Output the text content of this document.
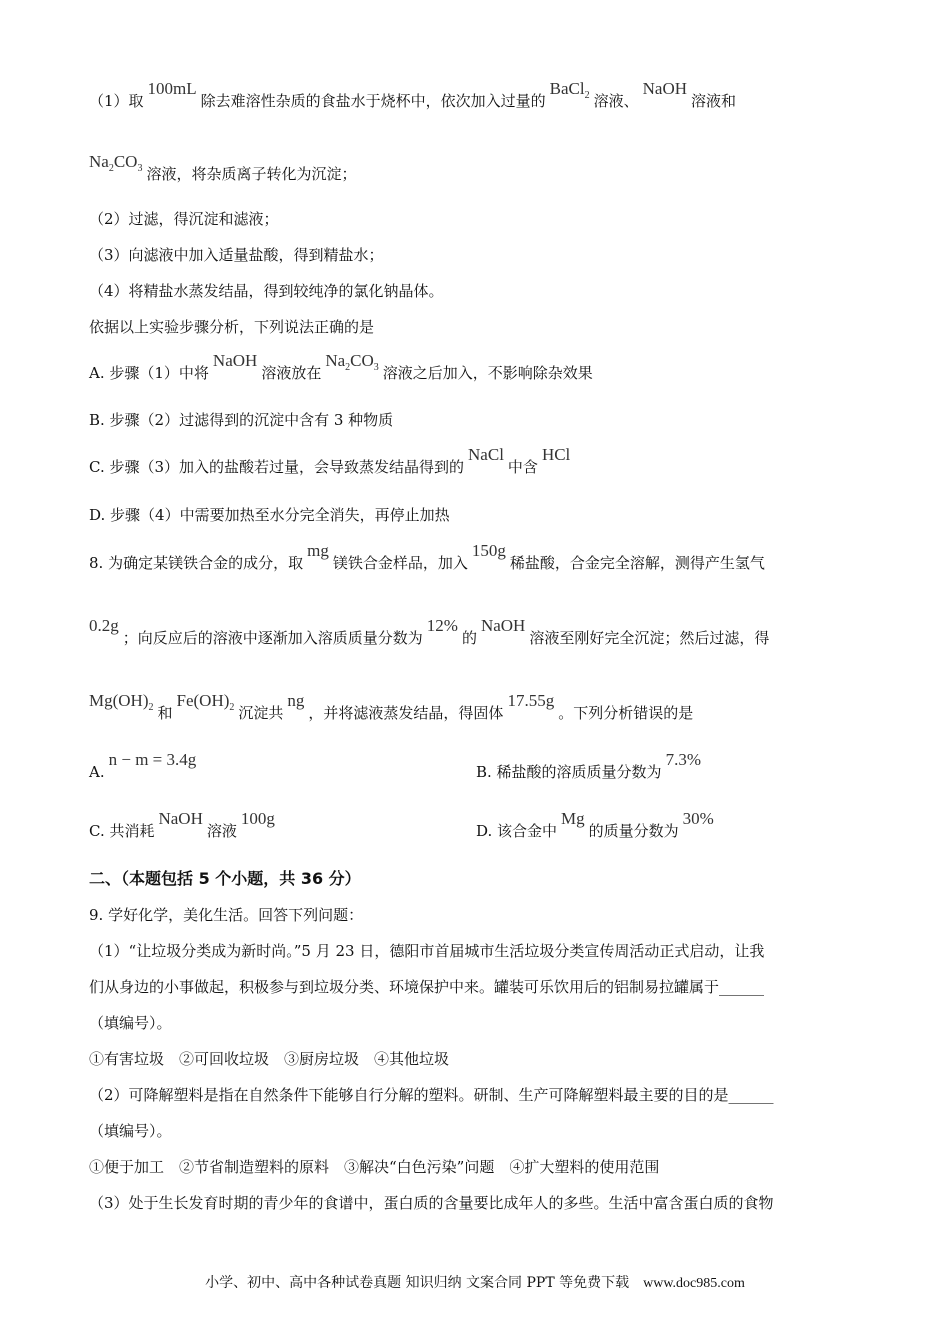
（1）取100mL除去难溶性杂质的食盐水于烧杯中，依次加入过量的BaCl$_2$ 溶液、NaOH溶液和
$Na_2CO_3$ 溶液，将杂质离子转化为沉淀；
（2）过滤，得沉淀和滤液；
（3）向滤液中加入适量盐酸，得到精盐水；
（4）将精盐水蒸发结晶，得到较纯净的氯化钠晶体。
依据以上实验步骤分析，下列说法正确的是
A. 步骤（1）中将NaOH溶液放在$Na_2CO_3$ 溶液之后加入，不影响除杂效果
B. 步骤（2）过滤得到的沉淀中含有 3 种物质
C. 步骤（3）加入的盐酸若过量，会导致蒸发结晶得到的NaCl中含HCl
D. 步骤（4）中需要加热至水分完全消失，再停止加热
8. 为确定某镁铁合金的成分，取mg镁铁合金样品，加入150g稀盐酸，合金完全溶解，测得产生氢气
0.2g；向反应后的溶液中逐渐加入溶质质量分数为12%的NaOH溶液至刚好完全沉淀；然后过滤，得
$Mg(OH)_2$ 和$Fe(OH)_2$ 沉淀共ng，并将滤液蒸发结晶，得固体17.55g。下列分析错误的是
A.n − m = 3.4g
B. 稀盐酸的溶质质量分数为7.3%
C. 共消耗NaOH溶液100g
D. 该合金中Mg的质量分数为30%
二、（本题包括 5 个小题，共 36 分）
9. 学好化学，美化生活。回答下列问题：
（1）“让垃圾分类成为新时尚。”5 月 23 日，德阳市首届城市生活垃圾分类宣传周活动正式启动，让我
们从身边的小事做起，积极参与到垃圾分类、环境保护中来。罐装可乐饮用后的铝制易拉罐属于______
（填编号）。
①有害垃圾　②可回收垃圾　③厨房垃圾　④其他垃圾
（2）可降解塑料是指在自然条件下能够自行分解的塑料。研制、生产可降解塑料最主要的目的是______
（填编号）。
①便于加工　②节省制造塑料的原料　③解决“白色污染”问题　④扩大塑料的使用范围
（3）处于生长发育时期的青少年的食谱中，蛋白质的含量要比成年人的多些。生活中富含蛋白质的食物
小学、初中、高中各种试卷真题 知识归纳 文案合同 PPT 等免费下载 www.doc985.com
